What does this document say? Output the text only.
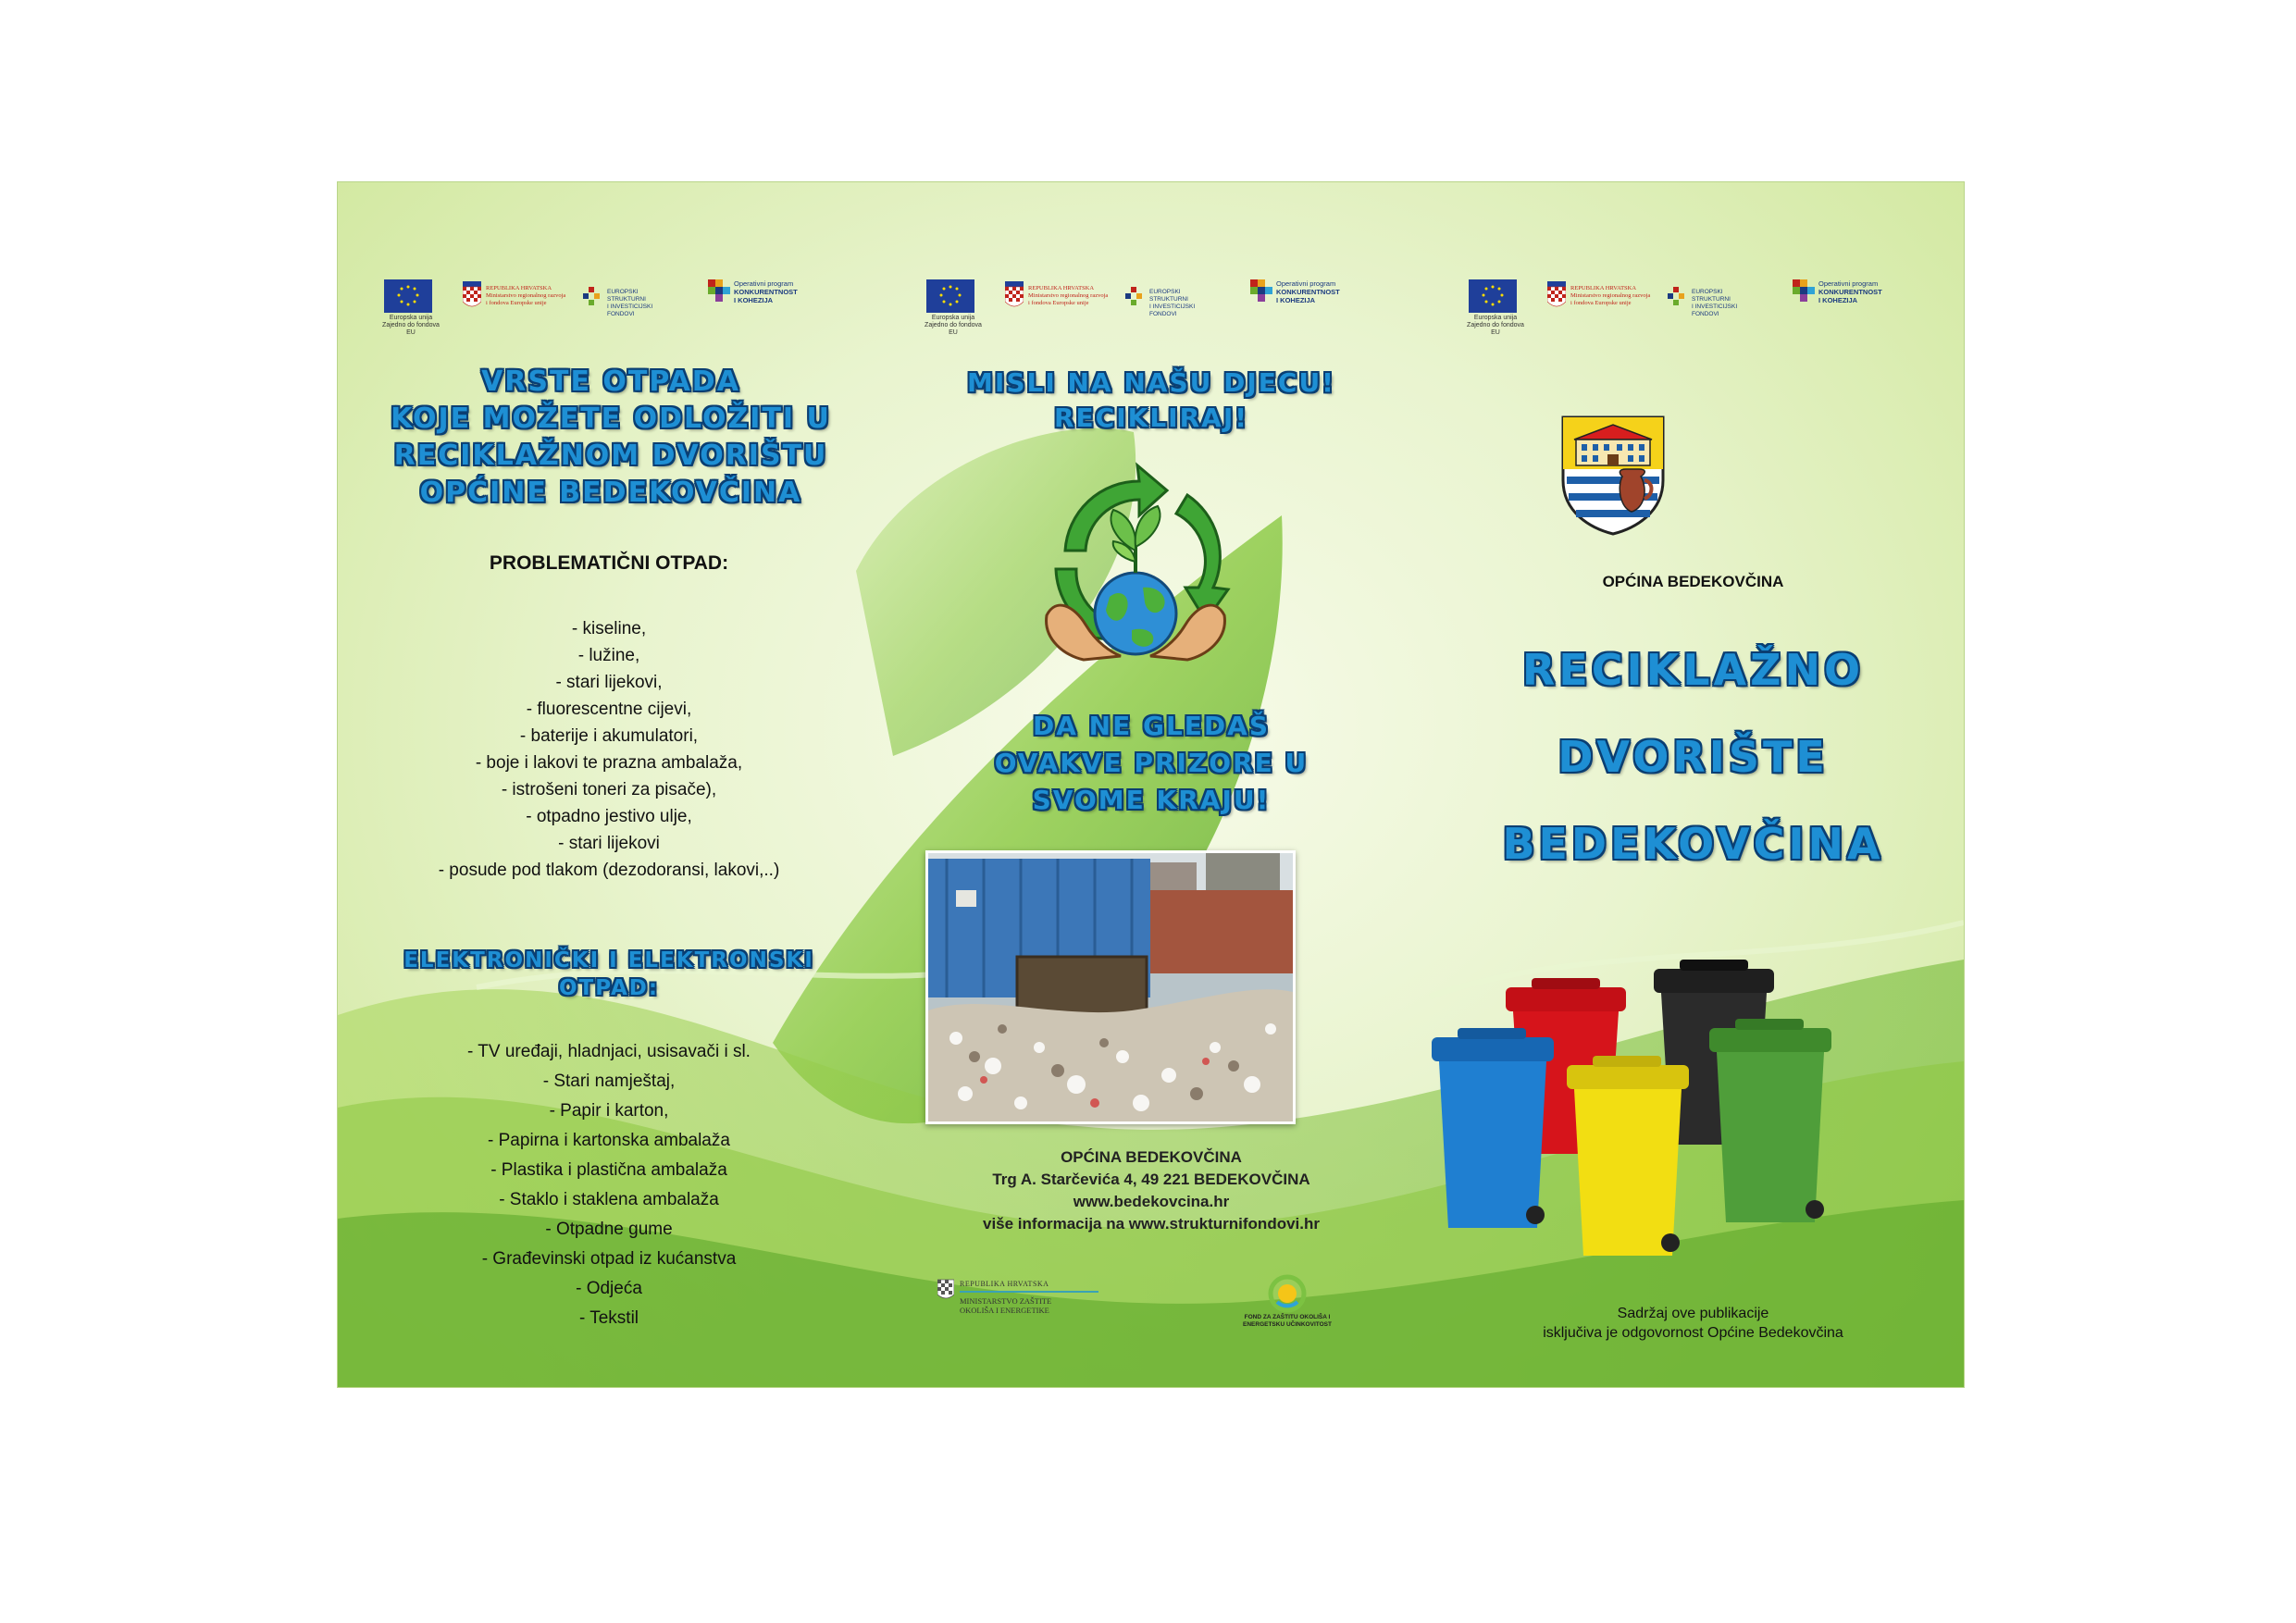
Europska unija
Zajedno do fondova EU
REPUBLIKA HRVATSKA
Ministarstvo regionalnog razvoja
i fondova Europske unije
EUROPSKI STRUKTURNI
I INVESTICIJSKI FONDOVI
Operativni program
KONKURENTNOST
I KOHEZIJA
VRSTE OTPADA
KOJE MOŽETE ODLOŽITI U
RECIKLAŽNOM DVORIŠTU
OPĆINE BEDEKOVČINA
PROBLEMATIČNI OTPAD:
- kiseline,
- lužine,
- stari lijekovi,
- fluorescentne cijevi,
- baterije i akumulatori,
- boje i lakovi te prazna ambalaža,
- istrošeni toneri za pisače),
- otpadno jestivo ulje,
- stari lijekovi
- posude pod tlakom (dezodoransi, lakovi,..)
ELEKTRONIČKI I ELEKTRONSKI
OTPAD:
- TV uređaji, hladnjaci, usisavači i sl.
- Stari namještaj,
- Papir i karton,
- Papirna i kartonska ambalaža
- Plastika i plastična ambalaža
- Staklo i staklena ambalaža
- Otpadne gume
- Građevinski otpad iz kućanstva
- Odjeća
- Tekstil
Europska unija
Zajedno do fondova EU
REPUBLIKA HRVATSKA
Ministarstvo regionalnog razvoja
i fondova Europske unije
EUROPSKI STRUKTURNI
I INVESTICIJSKI FONDOVI
Operativni program
KONKURENTNOST
I KOHEZIJA
MISLI NA NAŠU DJECU!
RECIKLIRAJ!
DA NE GLEDAŠ
OVAKVE PRIZORE U
SVOME KRAJU!
OPĆINA BEDEKOVČINA
Trg A. Starčevića 4, 49 221 BEDEKOVČINA
www.bedekovcina.hr
više informacija na www.strukturnifondovi.hr
REPUBLIKA HRVATSKA
MINISTARSTVO ZAŠTITE
OKOLIŠA I ENERGETIKE
FOND ZA ZAŠTITU OKOLIŠA I
ENERGETSKU UČINKOVITOST
Europska unija
Zajedno do fondova EU
REPUBLIKA HRVATSKA
Ministarstvo regionalnog razvoja
i fondova Europske unije
EUROPSKI STRUKTURNI
I INVESTICIJSKI FONDOVI
Operativni program
KONKURENTNOST
I KOHEZIJA
OPĆINA BEDEKOVČINA
RECIKLAŽNO
DVORIŠTE
BEDEKOVČINA
Sadržaj ove publikacije
isključiva je odgovornost Općine Bedekovčina
